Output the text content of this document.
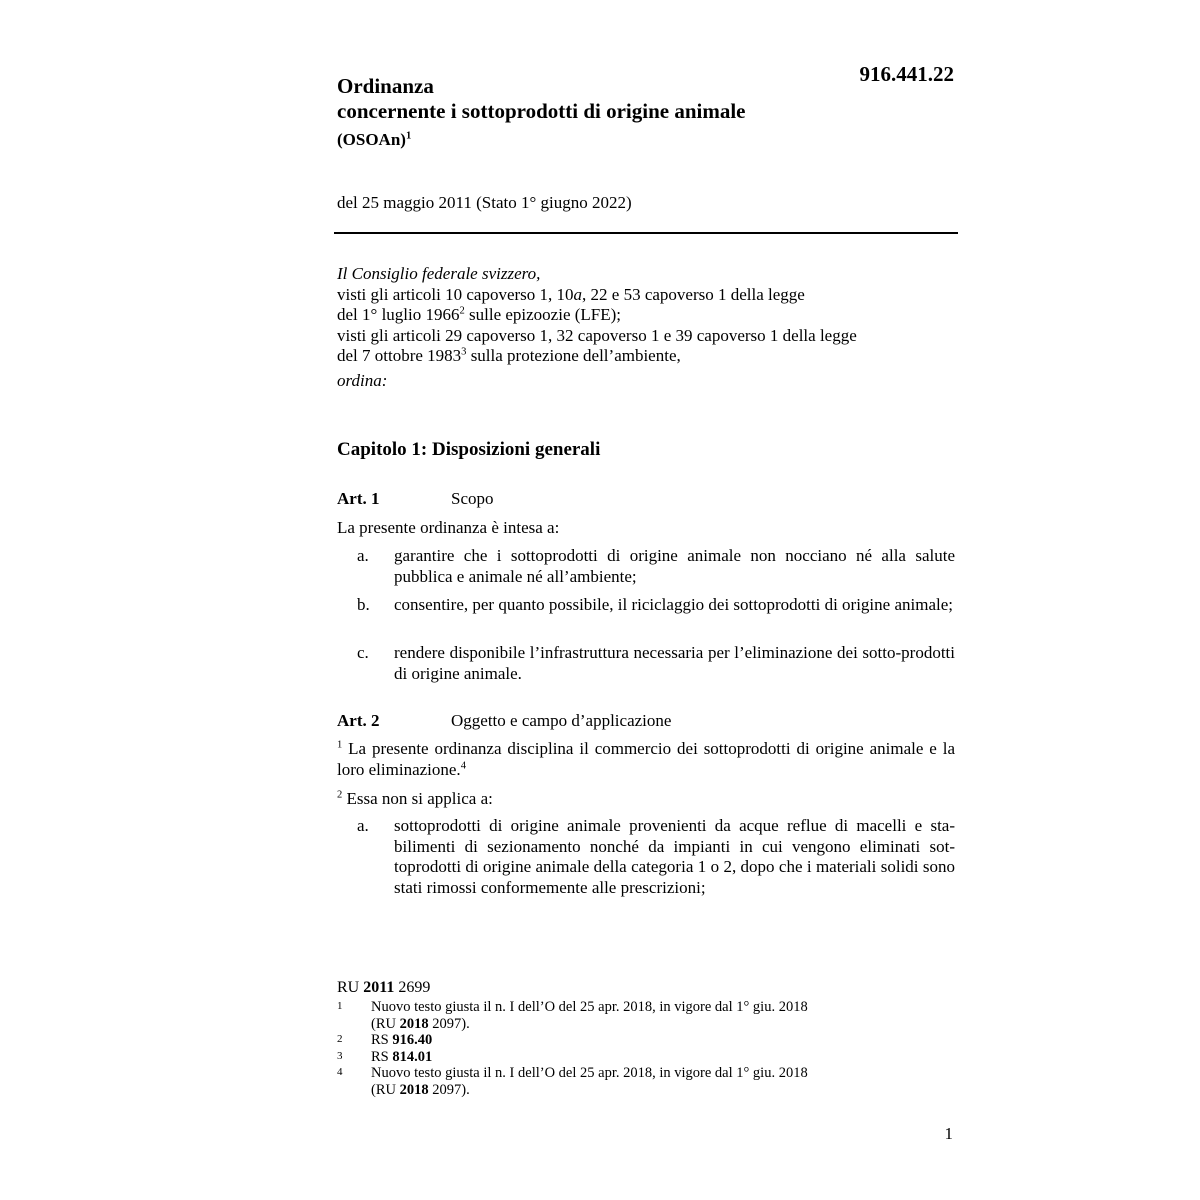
916.441.22
Ordinanza
concernente i sottoprodotti di origine animale
(OSOAn)$^1$
del 25 maggio 2011 (Stato 1° giugno 2022)
Il Consiglio federale svizzero,
visti gli articoli 10 capoverso 1, 10a, 22 e 53 capoverso 1 della legge
del 1° luglio 1966$^2$ sulle epizoozie (LFE);
visti gli articoli 29 capoverso 1, 32 capoverso 1 e 39 capoverso 1 della legge
del 7 ottobre 1983$^3$ sulla protezione dell’ambiente,
ordina:
Capitolo 1: Disposizioni generali
Art. 1	Scopo
La presente ordinanza è intesa a:
a.	garantire che i sottoprodotti di origine animale non nocciano né alla salute pubblica e animale né all’ambiente;
b.	consentire, per quanto possibile, il riciclaggio dei sottoprodotti di origine animale;
c.	rendere disponibile l’infrastruttura necessaria per l’eliminazione dei sotto-prodotti di origine animale.
Art. 2	Oggetto e campo d’applicazione
$^1$ La presente ordinanza disciplina il commercio dei sottoprodotti di origine animale e la loro eliminazione.$^4$
$^2$ Essa non si applica a:
a.	sottoprodotti di origine animale provenienti da acque reflue di macelli e sta-bilimenti di sezionamento nonché da impianti in cui vengono eliminati sot-toprodotti di origine animale della categoria 1 o 2, dopo che i materiali solidi sono stati rimossi conformemente alle prescrizioni;
RU 2011 2699
1	Nuovo testo giusta il n. I dell’O del 25 apr. 2018, in vigore dal 1° giu. 2018
(RU 2018 2097).
2	RS 916.40
3	RS 814.01
4	Nuovo testo giusta il n. I dell’O del 25 apr. 2018, in vigore dal 1° giu. 2018
(RU 2018 2097).
1
